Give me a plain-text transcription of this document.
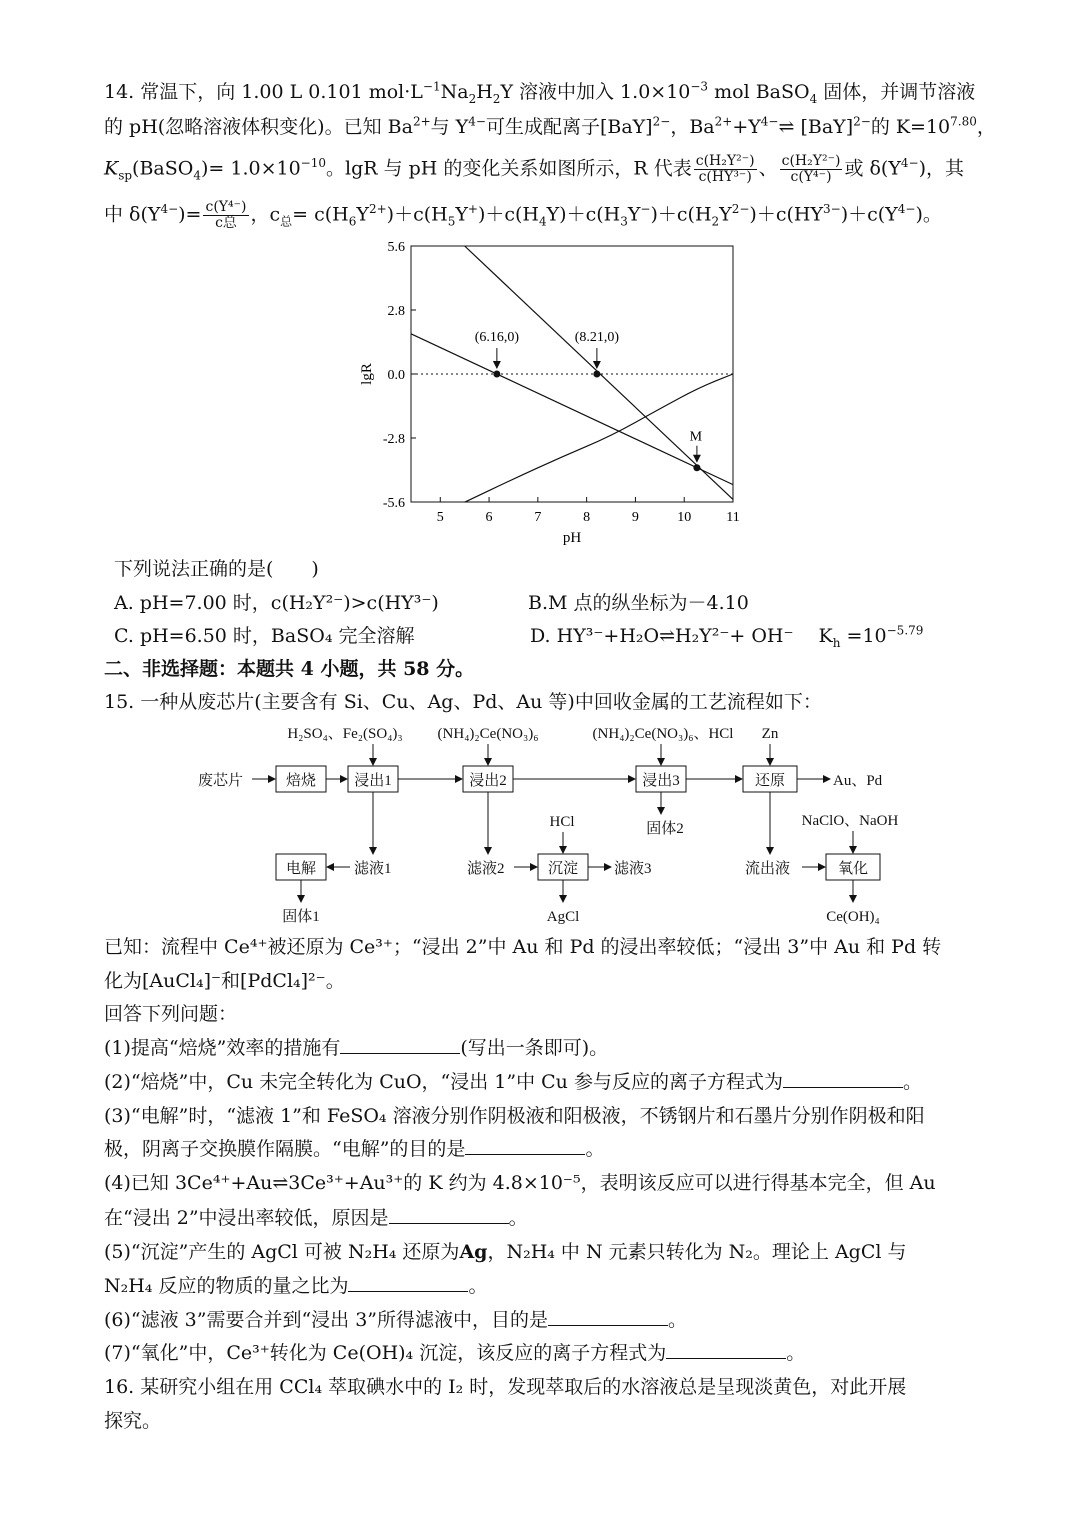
14. 常温下，向 1.00 L 0.101 $mol\cdot L^{-1}Na_2H_2Y$ 溶液中加入 $1.0\times 10^{-3}$ mol BaSO$_4$ 固体，并调节溶液
的 pH(忽略溶液体积变化)。已知 $Ba^{2+}$与 $Y^{4-}$可生成配离子[BaY]$^{2-}$，$Ba^{2+}+Y^{4-}\rightleftharpoons$ [BaY]$^{2-}$的 $K=10^{7.80}$，
$K_{sp}(BaSO_4)= 1.0\times 10^{-10}$。lgR 与 pH 的变化关系如图所示，R 代表 $\frac{\text{c(H₂Y²⁻)}}{\text{c(HY³⁻)}}$ 、 $\frac{\text{c(H₂Y²⁻)}}{\text{c(Y⁴⁻)}}$ 或 $\delta(Y^{4-})$，其
中 $\delta(Y^{4-})= \frac{\text{c(Y⁴⁻)}}{\text{c总}}$ ，$c_总= c(H_6Y^{2+})+c(H_5Y^+)+c(H_4Y)+c(H_3Y^-)+c(H_2Y^{2-})+c(HY^{3-})+c(Y^{4-})$。
5	6	7	8	9	10	11
5.6
2.8
0.0
-2.8
-5.6
(6.16,0)	(8.21,0)
M
pH
lgR
下列说法正确的是(　　)
A. pH=7.00 时，c(H₂Y²⁻)>c(HY³⁻)	B.M 点的纵坐标为－4.10
C. pH=6.50 时，BaSO₄ 完全溶解	D. HY³⁻+H₂O⇌H₂Y²⁻+ OH⁻　 $K_h =10^{-5.79}$
二、非选择题：本题共 4 小题，共 58 分。
15. 一种从废芯片(主要含有 Si、Cu、Ag、Pd、Au 等)中回收金属的工艺流程如下：
H₂SO₄、Fe₂(SO₄)₃ (NH₄)₂Ce(NO₃)₆	(NH₄)₂Ce(NO₃)₆、HCl Zn
废芯片	焙烧	浸出1	浸出2	浸出3	还原	Au、Pd
固体2
HCl	NaClO、NaOH
电解	滤液1	滤液2	沉淀 滤液3	流出液	氧化
固体1	AgCl	Ce(OH)₄
已知：流程中 Ce⁴⁺被还原为 Ce³⁺；“浸出 2”中 Au 和 Pd 的浸出率较低；“浸出 3”中 Au 和 Pd 转
化为[AuCl₄]⁻和[PdCl₄]²⁻。
回答下列问题：
(1)提高“焙烧”效率的措施有	(写出一条即可)。
(2)“焙烧”中，Cu 未完全转化为 CuO，“浸出 1”中 Cu 参与反应的离子方程式为	。
(3)“电解”时，“滤液 1”和 FeSO₄ 溶液分别作阴极液和阳极液，不锈钢片和石墨片分别作阴极和阳
极，阴离子交换膜作隔膜。“电解”的目的是	。
(4)已知 3Ce⁴⁺+Au⇌3Ce³⁺+Au³⁺的 K 约为 4.8×10⁻⁵，表明该反应可以进行得基本完全，但 Au
在“浸出 2”中浸出率较低，原因是	。
(5)“沉淀”产生的 AgCl 可被 N₂H₄ 还原为Ag，N₂H₄ 中 N 元素只转化为 N₂。理论上 AgCl 与
N₂H₄ 反应的物质的量之比为	。
(6)“滤液 3”需要合并到“浸出 3”所得滤液中，目的是	。
(7)“氧化”中，Ce³⁺转化为 Ce(OH)₄ 沉淀，该反应的离子方程式为	。
16. 某研究小组在用 CCl₄ 萃取碘水中的 I₂ 时，发现萃取后的水溶液总是呈现淡黄色，对此开展
探究。
